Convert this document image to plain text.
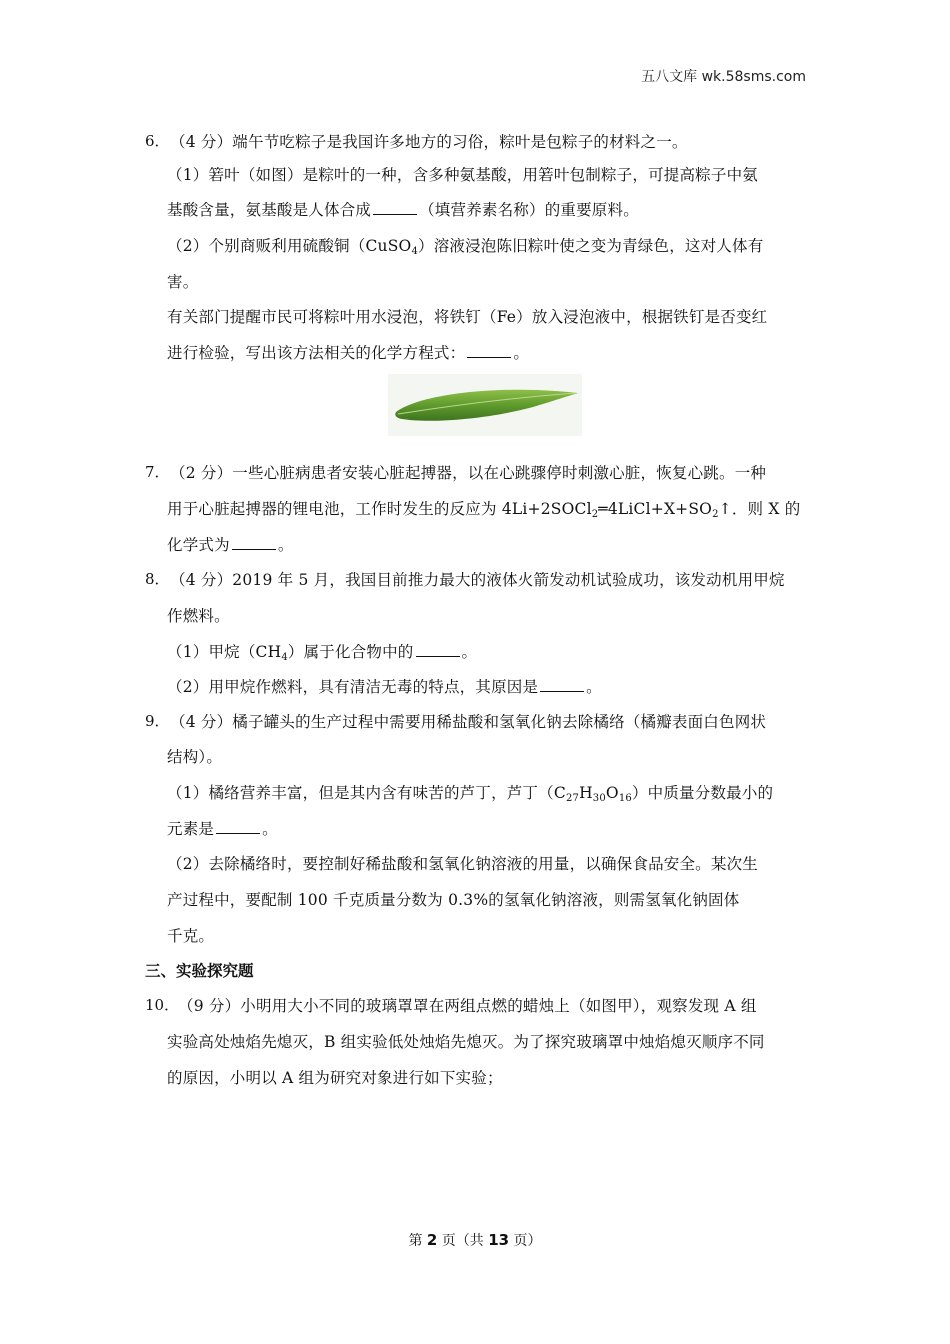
五八文库 wk.58sms.com
6． （4 分）端午节吃粽子是我国许多地方的习俗，粽叶是包粽子的材料之一。
（1）箬叶（如图）是粽叶的一种，含多种氨基酸，用箬叶包制粽子，可提高粽子中氨
基酸含量，氨基酸是人体合成	（填营养素名称）的重要原料。
（2）个别商贩利用硫酸铜（CuSO$_4$）溶液浸泡陈旧粽叶使之变为青绿色，这对人体有
害。
有关部门提醒市民可将粽叶用水浸泡，将铁钉（Fe）放入浸泡液中，根据铁钉是否变红
进行检验，写出该方法相关的化学方程式：	。
7． （2 分）一些心脏病患者安装心脏起搏器，以在心跳骤停时刺激心脏，恢复心跳。一种
用于心脏起搏器的锂电池，工作时发生的反应为 $4Li+2SOCl_2═4LiCl+X+SO_2↑$．则 X 的
化学式为	。
8． （4 分）2019 年 5 月，我国目前推力最大的液体火箭发动机试验成功，该发动机用甲烷
作燃料。
（1）甲烷$(CH_4)$属于化合物中的	。
（2）用甲烷作燃料，具有清洁无毒的特点，其原因是	。
9． （4 分）橘子罐头的生产过程中需要用稀盐酸和氢氧化钠去除橘络（橘瓣表面白色网状
结构）。
（1）橘络营养丰富，但是其内含有味苦的芦丁，芦丁$(C_{27}H_{30}O_{16})$中质量分数最小的
元素是	。
（2）去除橘络时，要控制好稀盐酸和氢氧化钠溶液的用量，以确保食品安全。某次生
产过程中，要配制 100 千克质量分数为 0.3%的氢氧化钠溶液，则需氢氧化钠固体
千克。
三、实验探究题
10．
（9 分）小明用大小不同的玻璃罩罩在两组点燃的蜡烛上（如图甲），观察发现 A 组
实验高处烛焰先熄灭，B 组实验低处烛焰先熄灭。为了探究玻璃罩中烛焰熄灭顺序不同
的原因，小明以 A 组为研究对象进行如下实验；
第 2 页（共 13 页）
